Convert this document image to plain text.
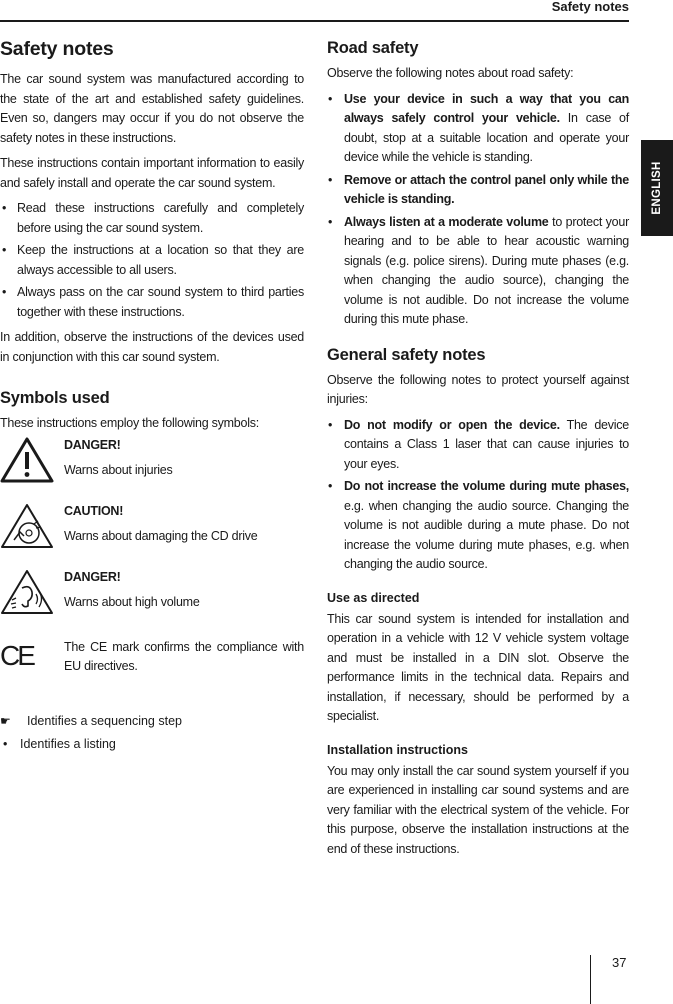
Safety notes
ENGLISH
Safety notes

The car sound system was manufactured according to the state of the art and established safety guidelines. Even so, dangers may occur if you do not observe the safety notes in these instructions.

These instructions contain important information to easily and safely install and operate the car sound system.

• Read these instructions carefully and completely before using the car sound system.
• Keep the instructions at a location so that they are always accessible to all users.
• Always pass on the car sound system to third parties together with these instructions.

In addition, observe the instructions of the devices used in conjunction with this car sound system.

Symbols used

These instructions employ the following symbols:

DANGER!
Warns about injuries
CAUTION!
Warns about damaging the CD drive
DANGER!
Warns about high volume
CE The CE mark confirms the compliance with EU directives.
☛	Identifies a sequencing step
•	Identifies a listing
Road safety

Observe the following notes about road safety:

• Use your device in such a way that you can always safely control your vehicle. In case of doubt, stop at a suitable location and operate your device while the vehicle is standing.
• Remove or attach the control panel only while the vehicle is standing.
• Always listen at a moderate volume to protect your hearing and to be able to hear acoustic warning signals (e.g. police sirens). During mute phases (e.g. when changing the audio source), changing the volume is not audible. Do not increase the volume during this mute phase.
General safety notes

Observe the following notes to protect yourself against injuries:

• Do not modify or open the device. The device contains a Class 1 laser that can cause injuries to your eyes.
• Do not increase the volume during mute phases, e.g. when changing the audio source. Changing the volume is not audible during a mute phase. Do not increase the volume during mute phases, e.g. when changing the audio source.
Use as directed

This car sound system is intended for installation and operation in a vehicle with 12 V vehicle system voltage and must be installed in a DIN slot. Observe the performance limits in the technical data. Repairs and installation, if necessary, should be performed by a specialist.

Installation instructions

You may only install the car sound system yourself if you are experienced in installing car sound systems and are very familiar with the electrical system of the vehicle. For this purpose, observe the installation instructions at the end of these instructions.

37
